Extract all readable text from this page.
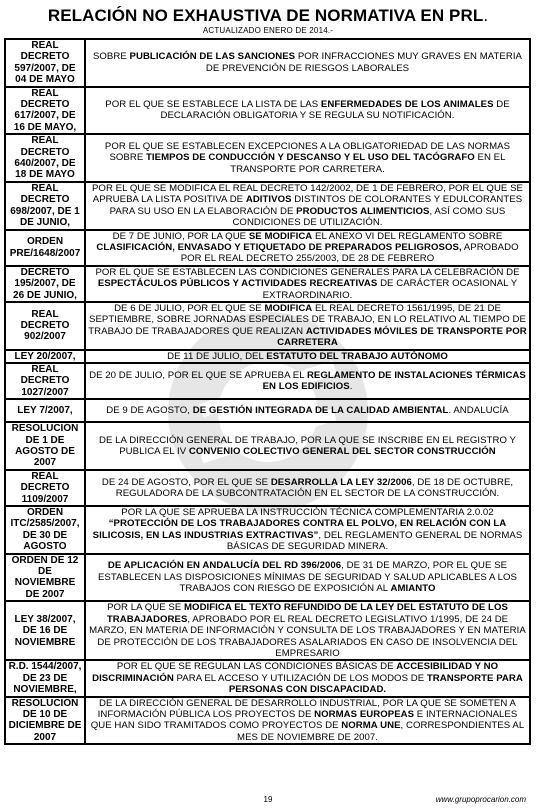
RELACIÓN NO EXHAUSTIVA DE NORMATIVA EN PRL.
ACTUALIZADO ENERO DE 2014.-
REAL DECRETO 597/2007, DE 04 DE MAYO	SOBRE PUBLICACIÓN DE LAS SANCIONES POR INFRACCIONES MUY GRAVES EN MATERIA DE PREVENCIÓN DE RIESGOS LABORALES
REAL DECRETO 617/2007, DE 16 DE MAYO,	POR EL QUE SE ESTABLECE LA LISTA DE LAS ENFERMEDADES DE LOS ANIMALES DE DECLARACIÓN OBLIGATORIA Y SE REGULA SU NOTIFICACIÓN.
REAL DECRETO 640/2007, DE 18 DE MAYO	POR EL QUE SE ESTABLECEN EXCEPCIONES A LA OBLIGATORIEDAD DE LAS NORMAS SOBRE TIEMPOS DE CONDUCCIÓN Y DESCANSO Y EL USO DEL TACÓGRAFO EN EL TRANSPORTE POR CARRETERA.
REAL DECRETO 698/2007, DE 1 DE JUNIO,	POR EL QUE SE MODIFICA EL REAL DECRETO 142/2002, DE 1 DE FEBRERO, POR EL QUE SE APRUEBA LA LISTA POSITIVA DE ADITIVOS DISTINTOS DE COLORANTES Y EDULCORANTES PARA SU USO EN LA ELABORACIÓN DE PRODUCTOS ALIMENTICIOS, ASÍ COMO SUS CONDICIONES DE UTILIZACIÓN.
ORDEN PRE/1648/2007	DE 7 DE JUNIO, POR LA QUE SE MODIFICA EL ANEXO VI DEL REGLAMENTO SOBRE CLASIFICACIÓN, ENVASADO Y ETIQUETADO DE PREPARADOS PELIGROSOS, APROBADO POR EL REAL DECRETO 255/2003, DE 28 DE FEBRERO
DECRETO 195/2007, DE 26 DE JUNIO,	POR EL QUE SE ESTABLECEN LAS CONDICIONES GENERALES PARA LA CELEBRACIÓN DE ESPECTÁCULOS PÚBLICOS Y ACTIVIDADES RECREATIVAS DE CARÁCTER OCASIONAL Y EXTRAORDINARIO.
REAL DECRETO 902/2007	DE 6 DE JULIO, POR EL QUE SE MODIFICA EL REAL DECRETO 1561/1995, DE 21 DE SEPTIEMBRE, SOBRE JORNADAS ESPECIALES DE TRABAJO, EN LO RELATIVO AL TIEMPO DE TRABAJO DE TRABAJADORES QUE REALIZAN ACTIVIDADES MÓVILES DE TRANSPORTE POR CARRETERA
LEY 20/2007,	DE 11 DE JULIO, DEL ESTATUTO DEL TRABAJO AUTÓNOMO
REAL DECRETO 1027/2007	DE 20 DE JULIO, POR EL QUE SE APRUEBA EL REGLAMENTO DE INSTALACIONES TÉRMICAS EN LOS EDIFICIOS.
LEY 7/2007,	DE 9 DE AGOSTO, DE GESTIÓN INTEGRADA DE LA CALIDAD AMBIENTAL. ANDALUCÍA
RESOLUCIÓN DE 1 DE AGOSTO DE 2007	DE LA DIRECCIÓN GENERAL DE TRABAJO, POR LA QUE SE INSCRIBE EN EL REGISTRO Y PUBLICA EL IV CONVENIO COLECTIVO GENERAL DEL SECTOR CONSTRUCCIÓN
REAL DECRETO 1109/2007	DE 24 DE AGOSTO, POR EL QUE SE DESARROLLA LA LEY 32/2006, DE 18 DE OCTUBRE, REGULADORA DE LA SUBCONTRATACIÓN EN EL SECTOR DE LA CONSTRUCCIÓN.
ORDEN ITC/2585/2007, DE 30 DE AGOSTO	POR LA QUE SE APRUEBA LA INSTRUCCIÓN TÉCNICA COMPLEMENTARIA 2.0.02 “PROTECCIÓN DE LOS TRABAJADORES CONTRA EL POLVO, EN RELACIÓN CON LA SILICOSIS, EN LAS INDUSTRIAS EXTRACTIVAS”, DEL REGLAMENTO GENERAL DE NORMAS BÁSICAS DE SEGURIDAD MINERA.
ORDEN DE 12 DE NOVIEMBRE DE 2007	DE APLICACIÓN EN ANDALUCÍA DEL RD 396/2006, DE 31 DE MARZO, POR EL QUE SE ESTABLECEN LAS DISPOSICIONES MÍNIMAS DE SEGURIDAD Y SALUD APLICABLES A LOS TRABAJOS CON RIESGO DE EXPOSICIÓN AL AMIANTO
LEY 38/2007, DE 16 DE NOVIEMBRE	POR LA QUE SE MODIFICA EL TEXTO REFUNDIDO DE LA LEY DEL ESTATUTO DE LOS TRABAJADORES, APROBADO POR EL REAL DECRETO LEGISLATIVO 1/1995, DE 24 DE MARZO, EN MATERIA DE INFORMACIÓN Y CONSULTA DE LOS TRABAJADORES Y EN MATERIA DE PROTECCIÓN DE LOS TRABAJADORES ASALARIADOS EN CASO DE INSOLVENCIA DEL EMPRESARIO
R.D. 1544/2007, DE 23 DE NOVIEMBRE,	POR EL QUE SE REGULAN LAS CONDICIONES BÁSICAS DE ACCESIBILIDAD Y NO DISCRIMINACIÓN PARA EL ACCESO Y UTILIZACIÓN DE LOS MODOS DE TRANSPORTE PARA PERSONAS CON DISCAPACIDAD.
RESOLUCIÓN DE 10 DE DICIEMBRE DE 2007	DE LA DIRECCIÓN GENERAL DE DESARROLLO INDUSTRIAL, POR LA QUE SE SOMETEN A INFORMACIÓN PÚBLICA LOS PROYECTOS DE NORMAS EUROPEAS E INTERNACIONALES QUE HAN SIDO TRAMITADOS COMO PROYECTOS DE NORMA UNE, CORRESPONDIENTES AL MES DE NOVIEMBRE DE 2007.
19	www.grupoprocarion.com
